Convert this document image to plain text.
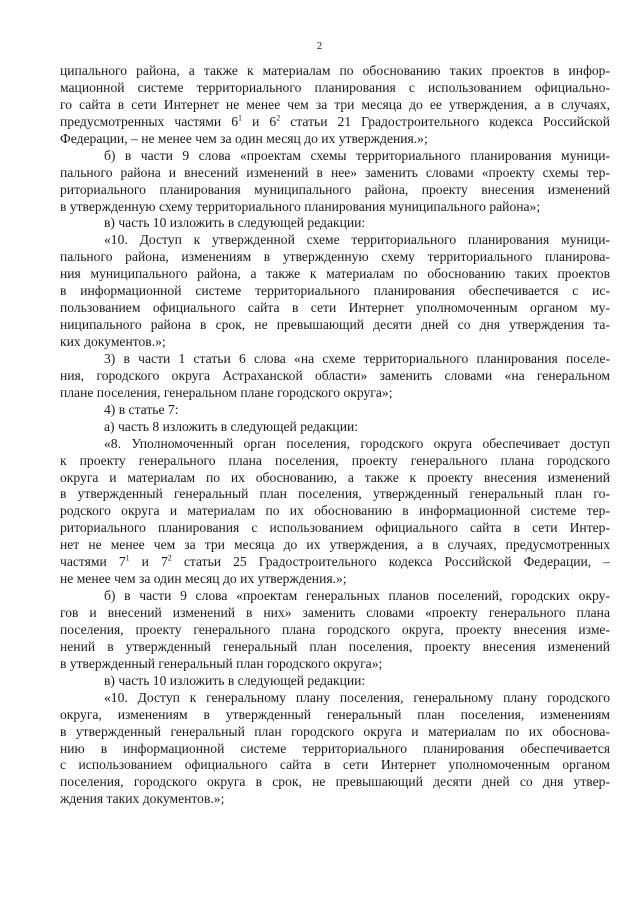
2
ципального района, а также к материалам по обоснованию таких проектов в инфор-
мационной системе территориального планирования с использованием официально-
го сайта в сети Интернет не менее чем за три месяца до ее утверждения, а в случаях,
предусмотренных частями $6^1$ и $6^2$ статьи 21 Градостроительного кодекса Российской
Федерации, – не менее чем за один месяц до их утверждения.»;
б) в части 9 слова «проектам схемы территориального планирования муници-
пального района и внесений изменений в нее» заменить словами «проекту схемы тер-
риториального планирования муниципального района, проекту внесения изменений
в утвержденную схему территориального планирования муниципального района»;
в) часть 10 изложить в следующей редакции:
«10. Доступ к утвержденной схеме территориального планирования муници-
пального района, изменениям в утвержденную схему территориального планирова-
ния муниципального района, а также к материалам по обоснованию таких проектов
в информационной системе территориального планирования обеспечивается с ис-
пользованием официального сайта в сети Интернет уполномоченным органом му-
ниципального района в срок, не превышающий десяти дней со дня утверждения та-
ких документов.»;
3) в части 1 статьи 6 слова «на схеме территориального планирования поселе-
ния, городского округа Астраханской области» заменить словами «на генеральном
плане поселения, генеральном плане городского округа»;
4) в статье 7:
а) часть 8 изложить в следующей редакции:
«8. Уполномоченный орган поселения, городского округа обеспечивает доступ
к проекту генерального плана поселения, проекту генерального плана городского
округа и материалам по их обоснованию, а также к проекту внесения изменений
в утвержденный генеральный план поселения, утвержденный генеральный план го-
родского округа и материалам по их обоснованию в информационной системе тер-
риториального планирования с использованием официального сайта в сети Интер-
нет не менее чем за три месяца до их утверждения, а в случаях, предусмотренных
частями $7^1$ и $7^2$ статьи 25 Градостроительного кодекса Российской Федерации, –
не менее чем за один месяц до их утверждения.»;
б) в части 9 слова «проектам генеральных планов поселений, городских окру-
гов и внесений изменений в них» заменить словами «проекту генерального плана
поселения, проекту генерального плана городского округа, проекту внесения изме-
нений в утвержденный генеральный план поселения, проекту внесения изменений
в утвержденный генеральный план городского округа»;
в) часть 10 изложить в следующей редакции:
«10. Доступ к генеральному плану поселения, генеральному плану городского
округа, изменениям в утвержденный генеральный план поселения, изменениям
в утвержденный генеральный план городского округа и материалам по их обоснова-
нию в информационной системе территориального планирования обеспечивается
с использованием официального сайта в сети Интернет уполномоченным органом
поселения, городского округа в срок, не превышающий десяти дней со дня утвер-
ждения таких документов.»;
